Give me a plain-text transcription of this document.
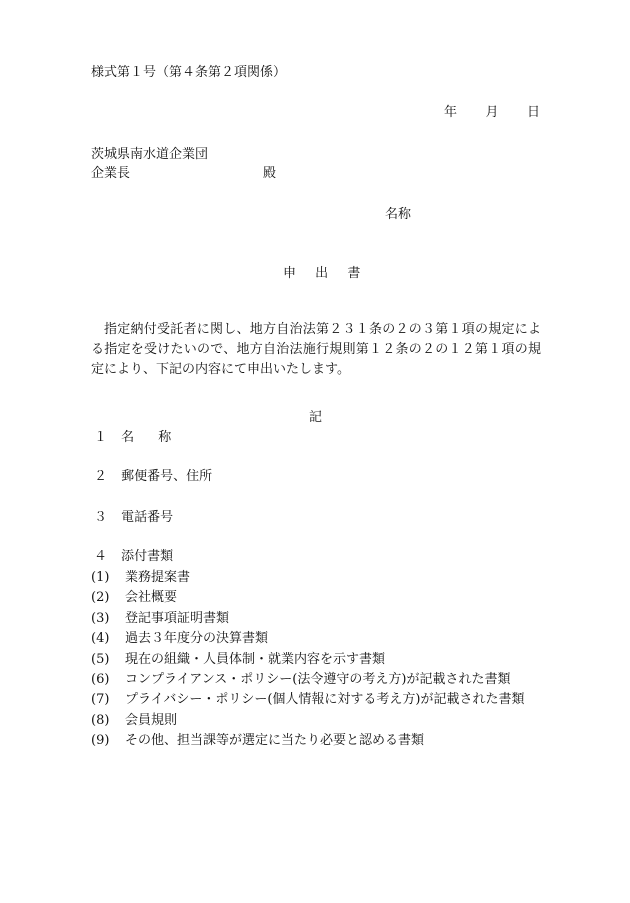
様式第１号（第４条第２項関係）
年 月 日
茨城県南水道企業団
企業長	殿
名称
申 出 書

指定納付受託者に関し、地方自治法第２３１条の２の３第１項の規定による指定を受けたいので、地方自治法施行規則第１２条の２の１２第１項の規定により、下記の内容にて申出いたします。

記
１ 名 称
２ 郵便番号、住所
３ 電話番号
４ 添付書類
(1) 業務提案書
(2) 会社概要
(3) 登記事項証明書類
(4) 過去３年度分の決算書類
(5) 現在の組織・人員体制・就業内容を示す書類
(6) コンプライアンス・ポリシー(法令遵守の考え方)が記載された書類
(7) プライバシー・ポリシー(個人情報に対する考え方)が記載された書類
(8) 会員規則
(9) その他、担当課等が選定に当たり必要と認める書類
